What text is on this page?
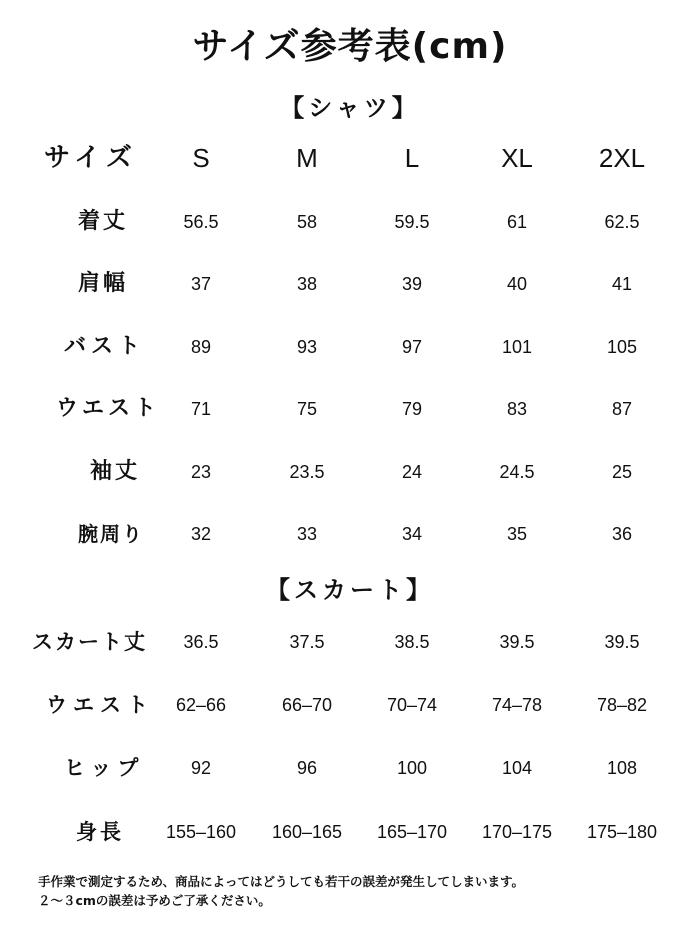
サイズ参考表(cm)
【シャツ】
サイズ	S	M	L	XL	2XL
着丈	56.5	58	59.5	61	62.5
肩幅	37	38	39	40	41
バスト	89	93	97	101	105
ウエスト	71	75	79	83	87
袖丈	23	23.5	24	24.5	25
腕周り	32	33	34	35	36
【スカート】
スカート丈	36.5	37.5	38.5	39.5	39.5
ウエスト	62–66	66–70	70–74	74–78	78–82
ヒップ	92	96	100	104	108
身長	155–160	160–165	165–170	170–175	175–180
手作業で測定するため、商品によってはどうしても若干の誤差が発生してしまいます。
２〜３cmの誤差は予めご了承ください。
